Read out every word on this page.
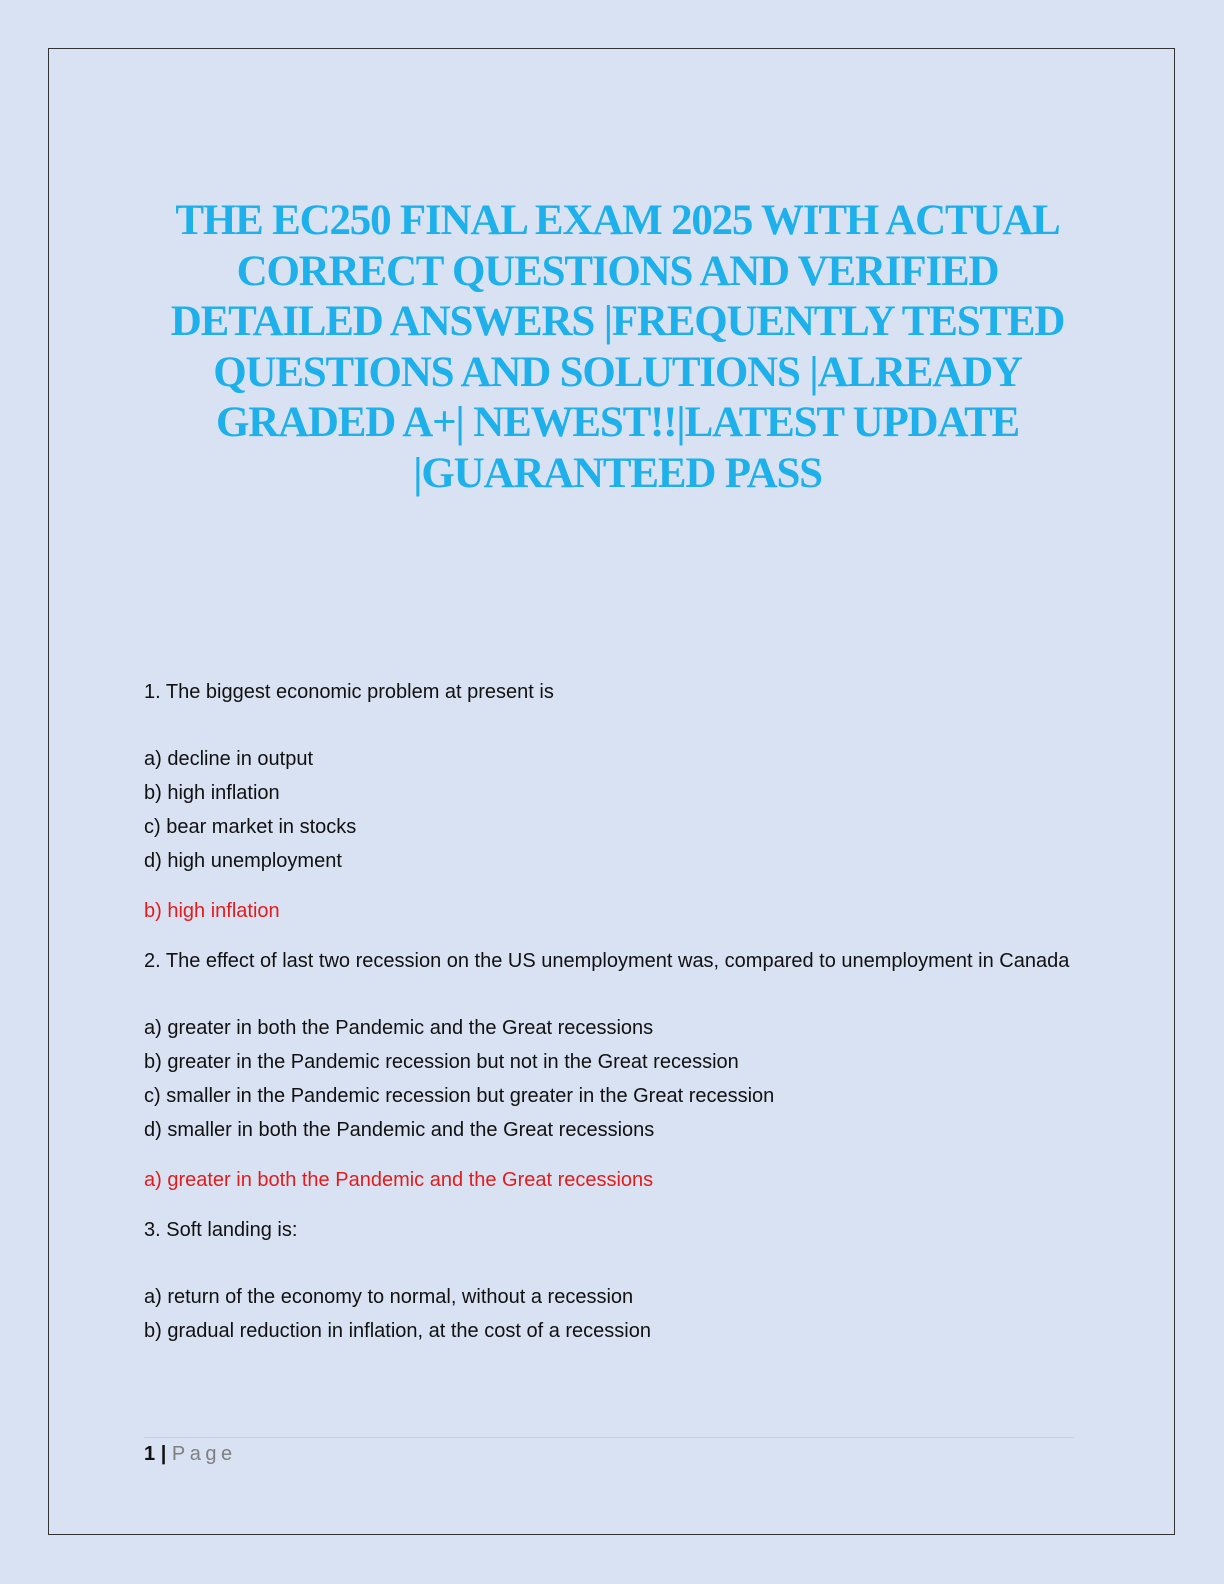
THE EC250 FINAL EXAM 2025 WITH ACTUAL CORRECT QUESTIONS AND VERIFIED DETAILED ANSWERS |FREQUENTLY TESTED QUESTIONS AND SOLUTIONS |ALREADY GRADED A+| NEWEST!!|LATEST UPDATE |GUARANTEED PASS

1. The biggest economic problem at present is

a) decline in output

b) high inflation

c) bear market in stocks

d) high unemployment

b) high inflation

2. The effect of last two recession on the US unemployment was, compared to unemployment in Canada

a) greater in both the Pandemic and the Great recessions

b) greater in the Pandemic recession but not in the Great recession

c) smaller in the Pandemic recession but greater in the Great recession

d) smaller in both the Pandemic and the Great recessions

a) greater in both the Pandemic and the Great recessions

3. Soft landing is:

a) return of the economy to normal, without a recession

b) gradual reduction in inflation, at the cost of a recession

1 | Page
